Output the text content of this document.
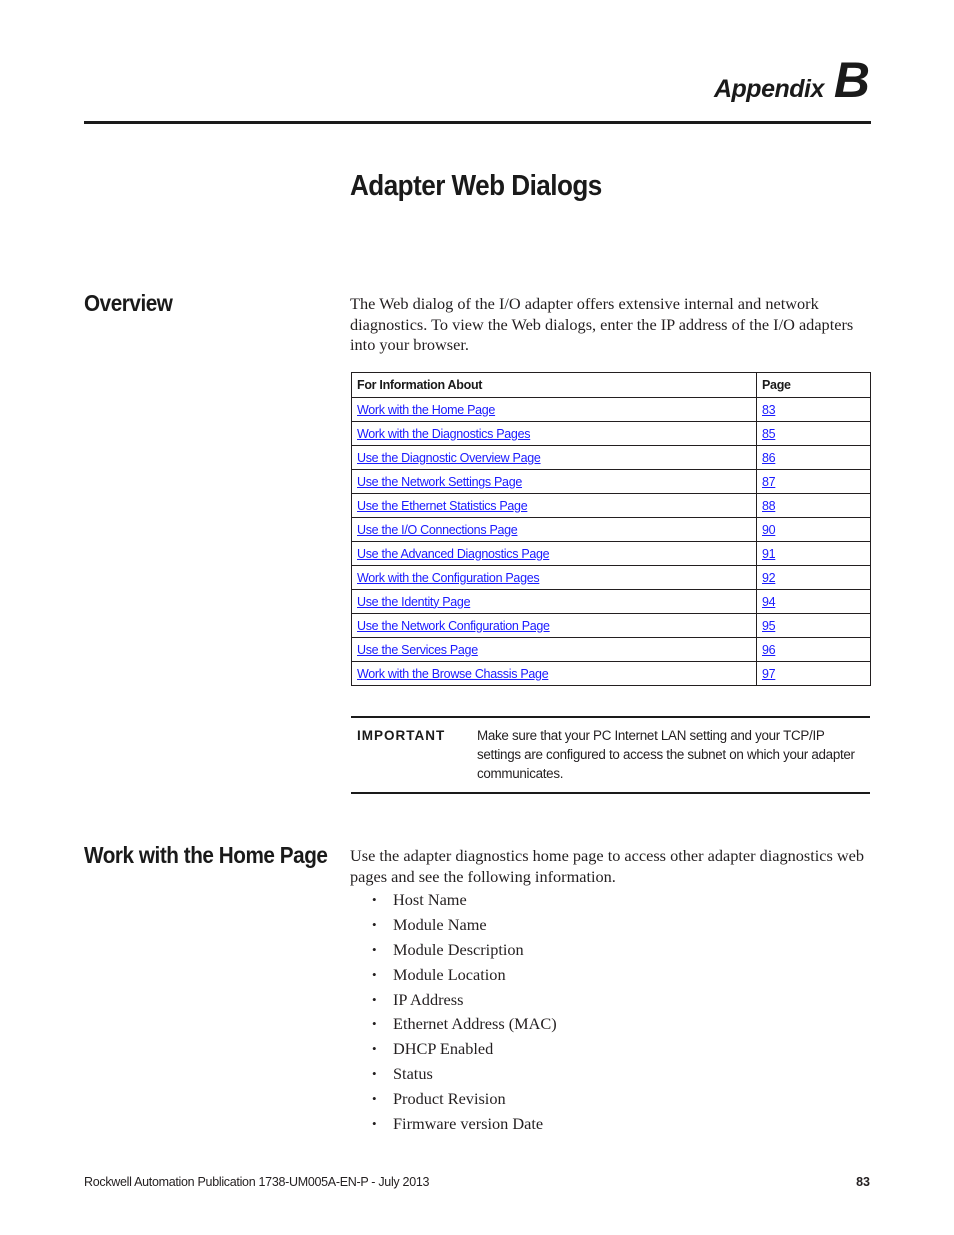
Appendix B
Adapter Web Dialogs
Overview	The Web dialog of the I/O adapter offers extensive internal and network diagnostics. To view the Web dialogs, enter the IP address of the I/O adapters into your browser.

For Information About	Page
Work with the Home Page	83
Work with the Diagnostics Pages	85
Use the Diagnostic Overview Page	86
Use the Network Settings Page	87
Use the Ethernet Statistics Page	88
Use the I/O Connections Page	90
Use the Advanced Diagnostics Page	91
Work with the Configuration Pages	92
Use the Identity Page	94
Use the Network Configuration Page	95
Use the Services Page	96
Work with the Browse Chassis Page	97
IMPORTANT Make sure that your PC Internet LAN setting and your TCP/IP settings are configured to access the subnet on which your adapter communicates.

Work with the Home Page Use the adapter diagnostics home page to access other adapter diagnostics web pages and see the following information.

•	Host Name
•	Module Name
•	Module Description
•	Module Location
•	IP Address
•	Ethernet Address (MAC)
•	DHCP Enabled
•	Status
•	Product Revision
•	Firmware version Date
Rockwell Automation Publication 1738-UM005A-EN-P - July 2013	83
